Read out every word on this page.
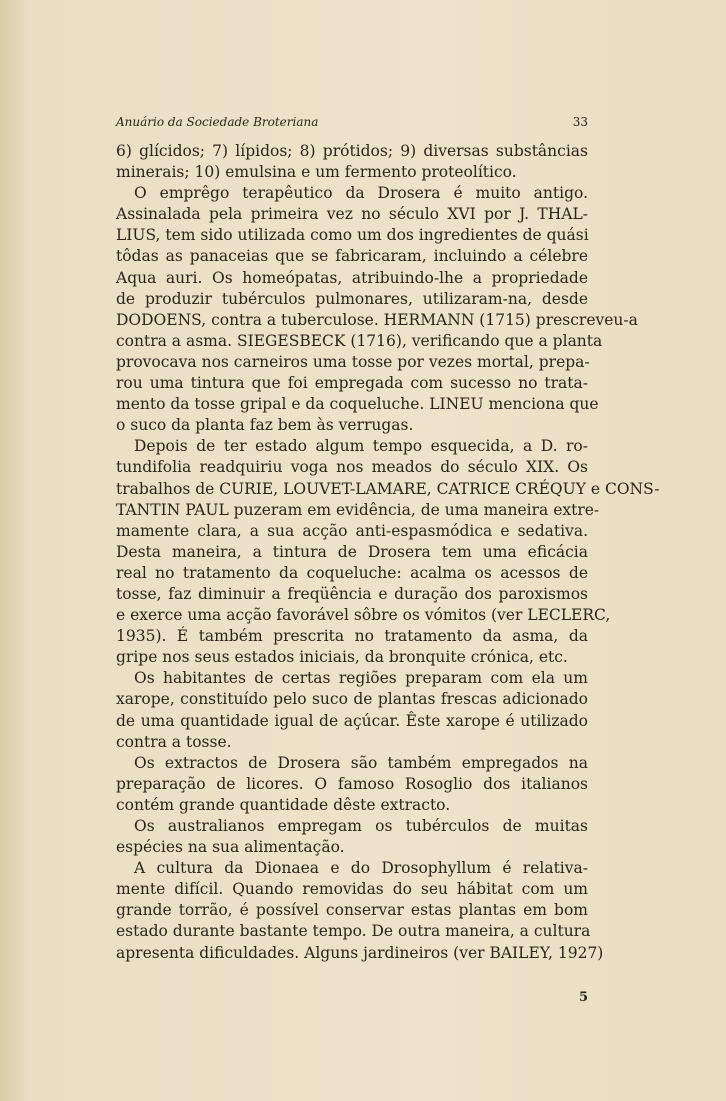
Anuário da Sociedade Broteriana	33
6) glícidos; 7) lípidos; 8) prótidos; 9) diversas substâncias
minerais; 10) emulsina e um fermento proteolítico.
O emprêgo terapêutico da Drosera é muito antigo.
Assinalada pela primeira vez no século XVI por J. THAL-
LIUS, tem sido utilizada como um dos ingredientes de quási
tôdas as panaceias que se fabricaram, incluindo a célebre
Aqua auri. Os homeópatas, atribuindo-lhe a propriedade
de produzir tubérculos pulmonares, utilizaram-na, desde
DODOENS, contra a tuberculose. HERMANN (1715) prescreveu-a
contra a asma. SIEGESBECK (1716), verificando que a planta
provocava nos carneiros uma tosse por vezes mortal, prepa-
rou uma tintura que foi empregada com sucesso no trata-
mento da tosse gripal e da coqueluche. LINEU menciona que
o suco da planta faz bem às verrugas.
Depois de ter estado algum tempo esquecida, a D. ro-
tundifolia readquiriu voga nos meados do século XIX. Os
trabalhos de CURIE, LOUVET-LAMARE, CATRICE CRÉQUY e CONS-
TANTIN PAUL puzeram em evidência, de uma maneira extre-
mamente clara, a sua acção anti-espasmódica e sedativa.
Desta maneira, a tintura de Drosera tem uma eficácia
real no tratamento da coqueluche: acalma os acessos de
tosse, faz diminuir a freqüência e duração dos paroxismos
e exerce uma acção favorável sôbre os vómitos (ver LECLERC,
1935). É também prescrita no tratamento da asma, da
gripe nos seus estados iniciais, da bronquite crónica, etc.
Os habitantes de certas regiões preparam com ela um
xarope, constituído pelo suco de plantas frescas adicionado
de uma quantidade igual de açúcar. Êste xarope é utilizado
contra a tosse.
Os extractos de Drosera são também empregados na
preparação de licores. O famoso Rosoglio dos italianos
contém grande quantidade dêste extracto.
Os australianos empregam os tubérculos de muitas
espécies na sua alimentação.
A cultura da Dionaea e do Drosophyllum é relativa-
mente difícil. Quando removidas do seu hábitat com um
grande torrão, é possível conservar estas plantas em bom
estado durante bastante tempo. De outra maneira, a cultura
apresenta dificuldades. Alguns jardineiros (ver BAILEY, 1927)
5
